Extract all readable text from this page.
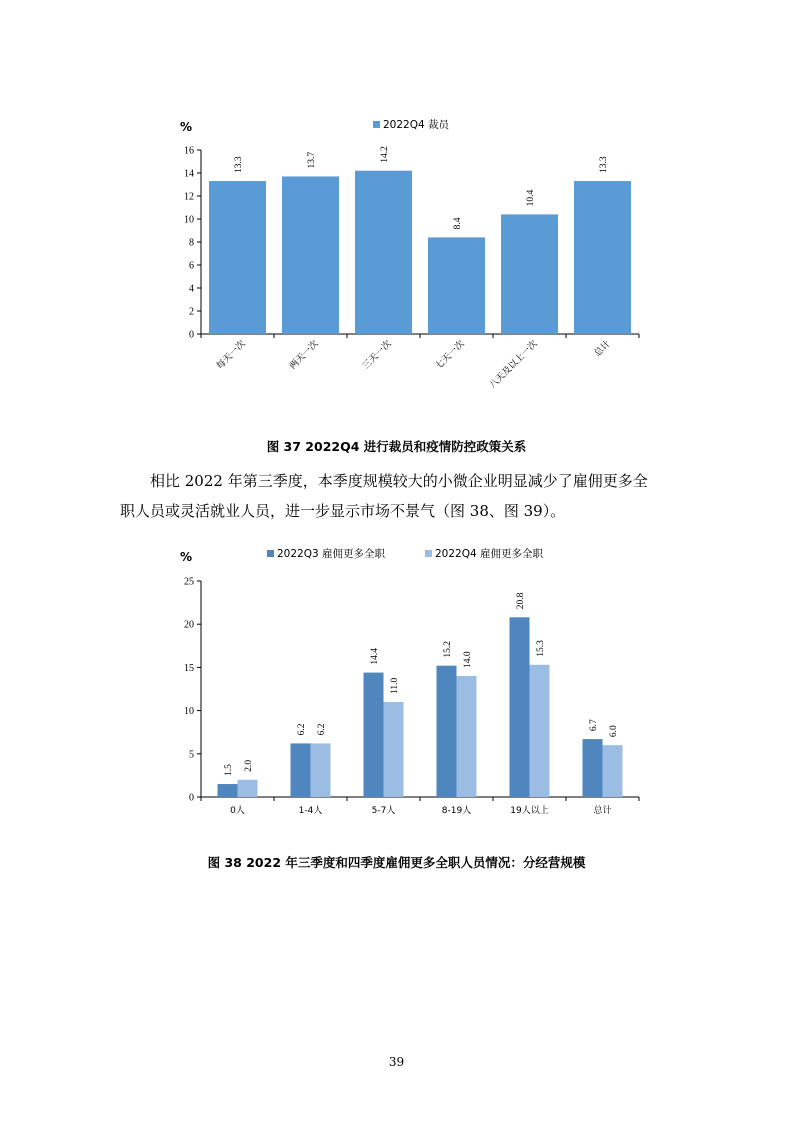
%	2022Q4 裁员
0
2
4
6
8
10
12
14
16
13.3
每天一次
13.7
两天一次
14.2
三天一次
8.4
七天一次
10.4
八天及以上一次
13.3
总计
图 37 2022Q4 进行裁员和疫情防控政策关系
相比 2022 年第三季度，本季度规模较大的小微企业明显减少了雇佣更多全
职人员或灵活就业人员，进一步显示市场不景气（图 38、图 39）。
%	2022Q3 雇佣更多全职	2022Q4 雇佣更多全职
0
5
10
15
20
25
1.5 2.0
0人
6.2 6.2
1-4人
14.4
11.0
5-7人
15.2
14.0
8-19人
20.8
15.3
19人以上
6.7
6.0
总计
图 38 2022 年三季度和四季度雇佣更多全职人员情况：分经营规模
39
